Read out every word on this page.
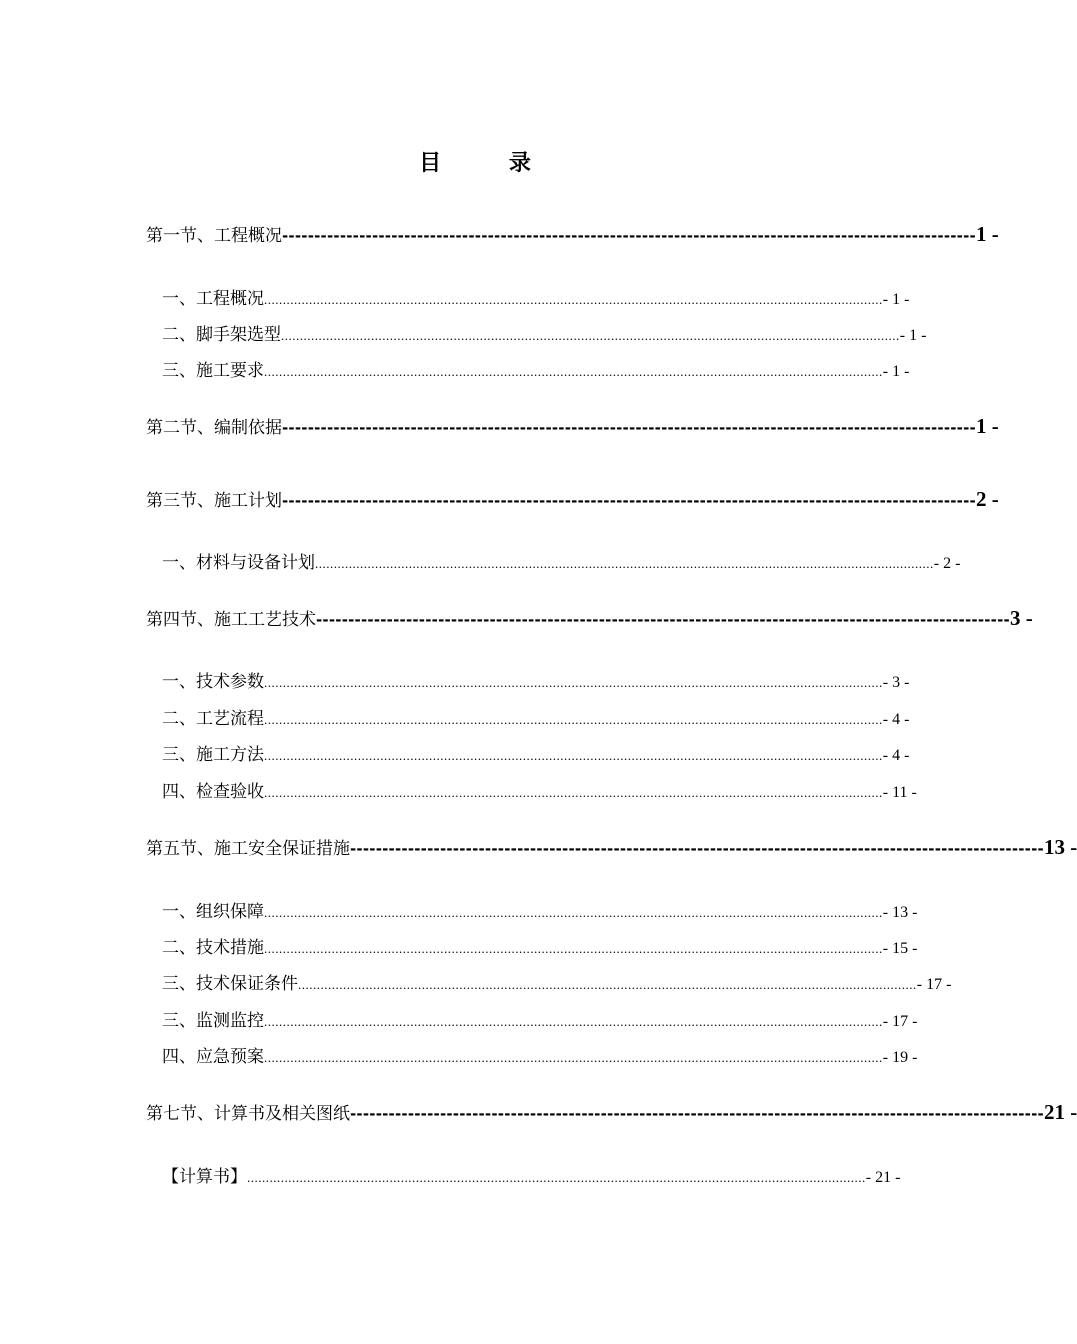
目 录
第一节、工程概况 ------------------------------------------------------------------------------------------------------------ 1 -
一、工程概况 ..................................................................................................................................................................... - 1 -
二、脚手架选型 ..................................................................................................................................................................... - 1 -
三、施工要求 ..................................................................................................................................................................... - 1 -
第二节、编制依据 ------------------------------------------------------------------------------------------------------------ 1 -
第三节、施工计划 ------------------------------------------------------------------------------------------------------------ 2 -
一、材料与设备计划 ..................................................................................................................................................................... - 2 -
第四节、施工工艺技术 ------------------------------------------------------------------------------------------------------------ 3 -
一、技术参数 ..................................................................................................................................................................... - 3 -
二、工艺流程 ..................................................................................................................................................................... - 4 -
三、施工方法 ..................................................................................................................................................................... - 4 -
四、检查验收 ..................................................................................................................................................................... - 11 -
第五节、施工安全保证措施 ------------------------------------------------------------------------------------------------------------ 13 -
一、组织保障 ..................................................................................................................................................................... - 13 -
二、技术措施 ..................................................................................................................................................................... - 15 -
三、技术保证条件 ..................................................................................................................................................................... - 17 -
三、监测监控 ..................................................................................................................................................................... - 17 -
四、应急预案 ..................................................................................................................................................................... - 19 -
第七节、计算书及相关图纸 ------------------------------------------------------------------------------------------------------------ 21 -
【计算书】 ..................................................................................................................................................................... - 21 -
